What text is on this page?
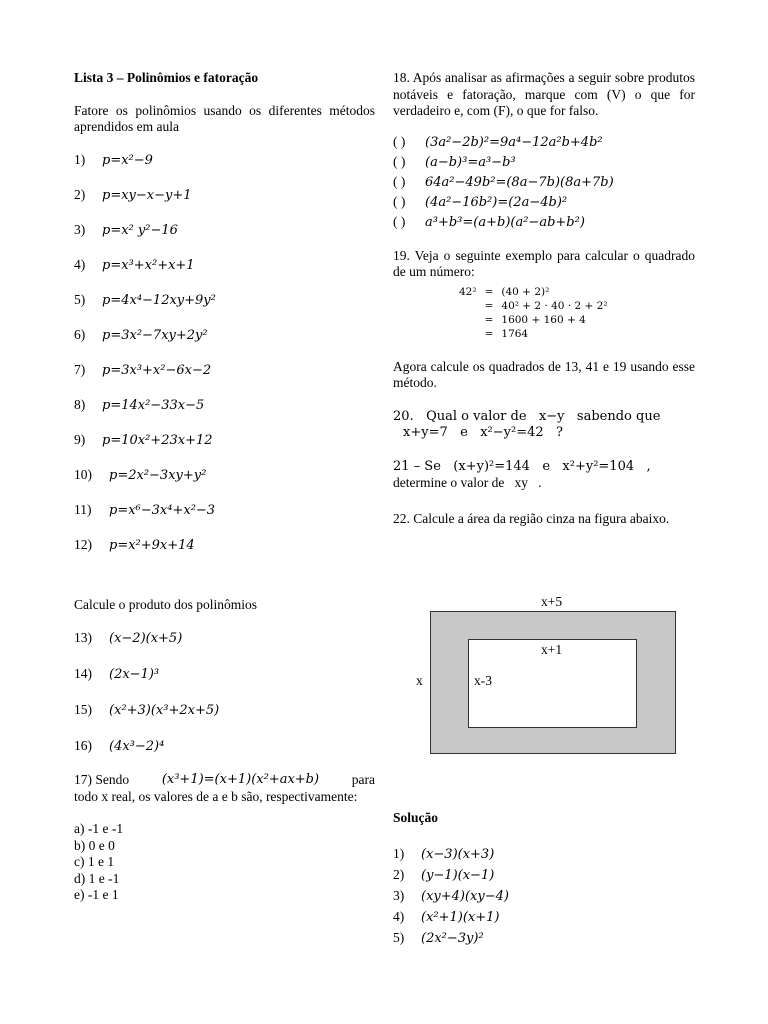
Lista 3 – Polinômios e fatoração
Fatore os polinômios usando os diferentes métodos aprendidos em aula
1) p=x²−9
2) p=xy−x−y+1
3) p=x² y²−16
4) p=x³+x²+x+1
5) p=4x⁴−12xy+9y²
6) p=3x²−7xy+2y²
7) p=3x³+x²−6x−2
8) p=14x²−33x−5
9) p=10x²+23x+12
10) p=2x²−3xy+y²
11) p=x⁶−3x⁴+x²−3
12) p=x²+9x+14
Calcule o produto dos polinômios
13) (x−2)(x+5)
14) (2x−1)³
15) (x²+3)(x³+2x+5)
16) (4x³−2)⁴
17) Sendo	(x³+1)=(x+1)(x²+ax+b) para
todo x real, os valores de a e b são, respectivamente:
a) -1 e -1
b) 0 e 0
c) 1 e 1
d) 1 e -1
e) -1 e 1
18. Após analisar as afirmações a seguir sobre produtos notáveis e fatoração, marque com (V) o que for verdadeiro e, com (F), o que for falso.
( ) (3a²−2b)²=9a⁴−12a²b+4b²
( ) (a−b)³=a³−b³
( ) 64a²−49b²=(8a−7b)(8a+7b)
( ) (4a²−16b²)=(2a−4b)²
( ) a³+b³=(a+b)(a²−ab+b²)
19. Veja o seguinte exemplo para calcular o quadrado de um número:
42²	=	(40 + 2)²
	=	40² + 2 · 40 · 2 + 2²
	=	1600 + 160 + 4
	=	1764
Agora calcule os quadrados de 13, 41 e 19 usando esse método.
20.   Qual o valor de   x−y   sabendo que
x+y=7   e   x²−y²=42   ?
21 – Se   (x+y)²=144   e   x²+y²=104   ,
determine o valor de   xy   .
22. Calcule a área da região cinza na figura abaixo.
x+5
x+1
x	x-3
Solução
1) (x−3)(x+3)
2) (y−1)(x−1)
3) (xy+4)(xy−4)
4) (x²+1)(x+1)
5) (2x²−3y)²
